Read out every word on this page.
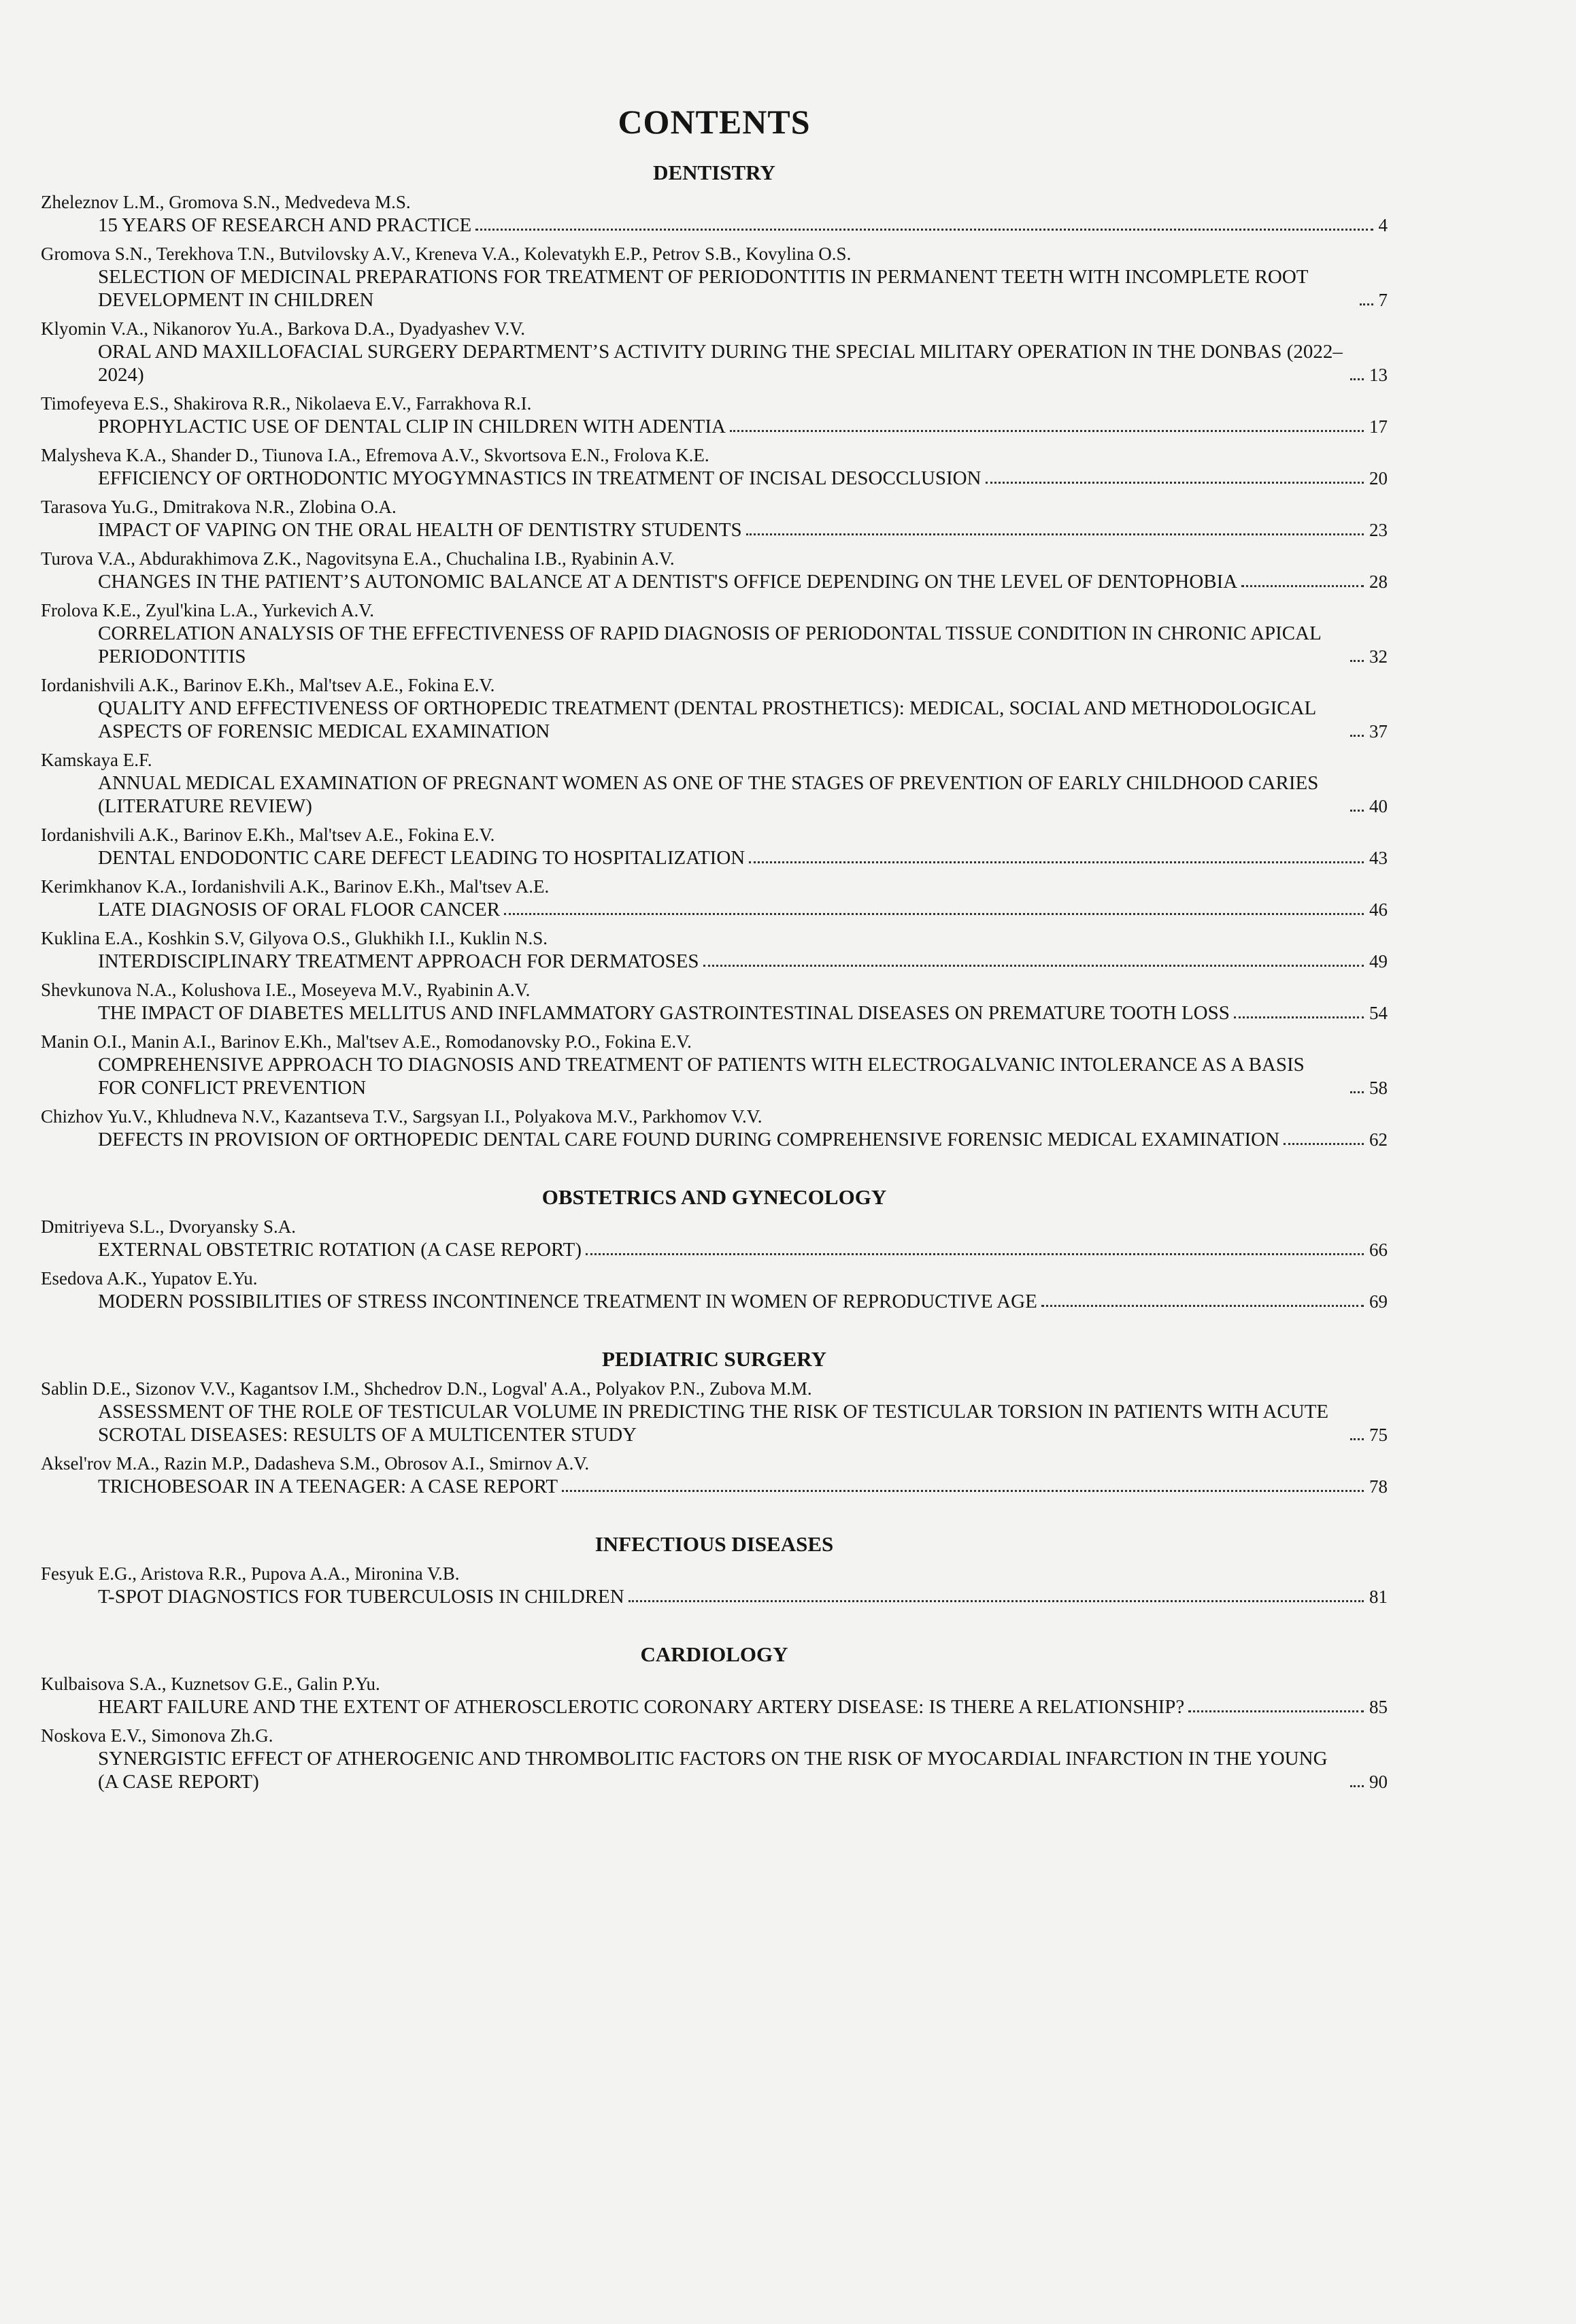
CONTENTS
DENTISTRY
Zheleznov L.M., Gromova S.N., Medvedeva M.S.
15 YEARS OF RESEARCH AND PRACTICE	4
Gromova S.N., Terekhova T.N., Butvilovsky A.V., Kreneva V.A., Kolevatykh E.P., Petrov S.B., Kovylina O.S.
SELECTION OF MEDICINAL PREPARATIONS FOR TREATMENT OF PERIODONTITIS IN PERMANENT TEETH WITH INCOMPLETE ROOT DEVELOPMENT IN CHILDREN	7
Klyomin V.A., Nikanorov Yu.A., Barkova D.A., Dyadyashev V.V.
ORAL AND MAXILLOFACIAL SURGERY DEPARTMENT’S ACTIVITY DURING THE SPECIAL MILITARY OPERATION IN THE DONBAS (2022–2024)	13
Timofeyeva E.S., Shakirova R.R., Nikolaeva E.V., Farrakhova R.I.
PROPHYLACTIC USE OF DENTAL CLIP IN CHILDREN WITH ADENTIA	17
Malysheva K.A., Shander D., Tiunova I.A., Efremova A.V., Skvortsova E.N., Frolova K.E.
EFFICIENCY OF ORTHODONTIC MYOGYMNASTICS IN TREATMENT OF INCISAL DESOCCLUSION	20
Tarasova Yu.G., Dmitrakova N.R., Zlobina O.A.
IMPACT OF VAPING ON THE ORAL HEALTH OF DENTISTRY STUDENTS	23
Turova V.A., Abdurakhimova Z.K., Nagovitsyna E.A., Chuchalina I.B., Ryabinin A.V.
CHANGES IN THE PATIENT’S AUTONOMIC BALANCE AT A DENTIST'S OFFICE DEPENDING ON THE LEVEL OF DENTOPHOBIA	28
Frolova K.E., Zyul'kina L.A., Yurkevich A.V.
CORRELATION ANALYSIS OF THE EFFECTIVENESS OF RAPID DIAGNOSIS OF PERIODONTAL TISSUE CONDITION IN CHRONIC APICAL PERIODONTITIS	32
Iordanishvili A.K., Barinov E.Kh., Mal'tsev A.E., Fokina E.V.
QUALITY AND EFFECTIVENESS OF ORTHOPEDIC TREATMENT (DENTAL PROSTHETICS): MEDICAL, SOCIAL AND METHODOLOGICAL ASPECTS OF FORENSIC MEDICAL EXAMINATION	37
Kamskaya E.F.
ANNUAL MEDICAL EXAMINATION OF PREGNANT WOMEN AS ONE OF THE STAGES OF PREVENTION OF EARLY CHILDHOOD CARIES (LITERATURE REVIEW)	40
Iordanishvili A.K., Barinov E.Kh., Mal'tsev A.E., Fokina E.V.
DENTAL ENDODONTIC CARE DEFECT LEADING TO HOSPITALIZATION	43
Kerimkhanov K.A., Iordanishvili A.K., Barinov E.Kh., Mal'tsev A.E.
LATE DIAGNOSIS OF ORAL FLOOR CANCER	46
Kuklina E.A., Koshkin S.V, Gilyova O.S., Glukhikh I.I., Kuklin N.S.
INTERDISCIPLINARY TREATMENT APPROACH FOR DERMATOSES	49
Shevkunova N.A., Kolushova I.E., Moseyeva M.V., Ryabinin A.V.
THE IMPACT OF DIABETES MELLITUS AND INFLAMMATORY GASTROINTESTINAL DISEASES ON PREMATURE TOOTH LOSS	54
Manin O.I., Manin A.I., Barinov E.Kh., Mal'tsev A.E., Romodanovsky P.O., Fokina E.V.
COMPREHENSIVE APPROACH TO DIAGNOSIS AND TREATMENT OF PATIENTS WITH ELECTROGALVANIC INTOLERANCE AS A BASIS FOR CONFLICT PREVENTION	58
Chizhov Yu.V., Khludneva N.V., Kazantseva T.V., Sargsyan I.I., Polyakova M.V., Parkhomov V.V.
DEFECTS IN PROVISION OF ORTHOPEDIC DENTAL CARE FOUND DURING COMPREHENSIVE FORENSIC MEDICAL EXAMINATION	62
OBSTETRICS AND GYNECOLOGY
Dmitriyeva S.L., Dvoryansky S.A.
EXTERNAL OBSTETRIC ROTATION (A CASE REPORT)	66
Esedova A.K., Yupatov E.Yu.
MODERN POSSIBILITIES OF STRESS INCONTINENCE TREATMENT IN WOMEN OF REPRODUCTIVE AGE	69
PEDIATRIC SURGERY
Sablin D.E., Sizonov V.V., Kagantsov I.M., Shchedrov D.N., Logval' A.A., Polyakov P.N., Zubova M.M.
ASSESSMENT OF THE ROLE OF TESTICULAR VOLUME IN PREDICTING THE RISK OF TESTICULAR TORSION IN PATIENTS WITH ACUTE SCROTAL DISEASES: RESULTS OF A MULTICENTER STUDY	75
Aksel'rov M.A., Razin M.P., Dadasheva S.M., Obrosov A.I., Smirnov A.V.
TRICHOBESOAR IN A TEENAGER: A CASE REPORT	78
INFECTIOUS DISEASES
Fesyuk E.G., Aristova R.R., Pupova A.A., Mironina V.B.
T-SPOT DIAGNOSTICS FOR TUBERCULOSIS IN CHILDREN	81
CARDIOLOGY
Kulbaisova S.A., Kuznetsov G.E., Galin P.Yu.
HEART FAILURE AND THE EXTENT OF ATHEROSCLEROTIC CORONARY ARTERY DISEASE: IS THERE A RELATIONSHIP?	85
Noskova E.V., Simonova Zh.G.
SYNERGISTIC EFFECT OF ATHEROGENIC AND THROMBOLITIC FACTORS ON THE RISK OF MYOCARDIAL INFARCTION IN THE YOUNG (A CASE REPORT)	90
